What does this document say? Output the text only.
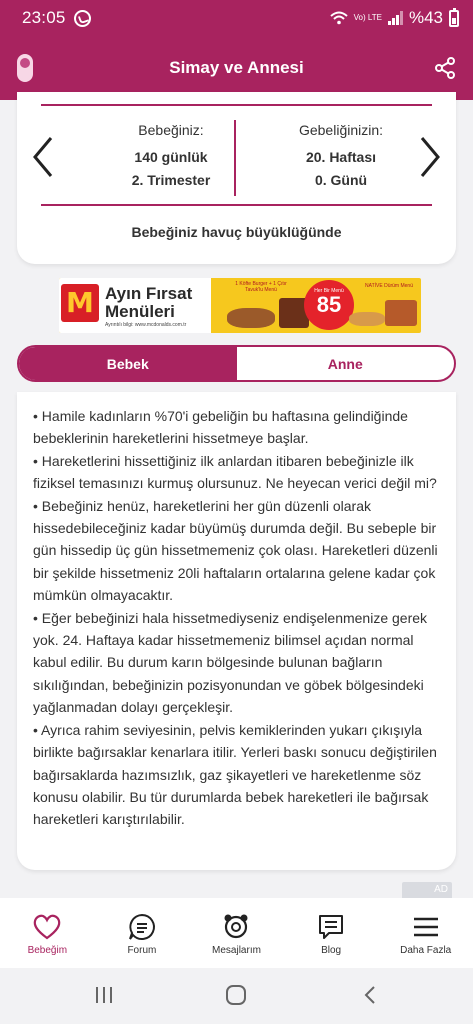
23:05	Vo) LTE %43
Simay ve Annesi
Bebeğiniz:
140 günlük
2. Trimester
Gebeliğinizin:
20. Haftası
0. Günü
Bebeğiniz havuç büyüklüğünde
M Ayın Fırsat
Menüleri
Ayrıntılı bilgi: www.mcdonalds.com.tr
1 Köfte Burger + 1 Çıtır Tavuk'lu Menü	Her Bir Menü
85
NATİVE Dürüm Menü
Bebek	Anne

• Hamile kadınların %70'i gebeliğin bu haftasına gelindiğinde bebeklerinin hareketlerini hissetmeye başlar.

• Hareketlerini hissettiğiniz ilk anlardan itibaren bebeğinizle ilk fiziksel temasınızı kurmuş olursunuz. Ne heyecan verici değil mi?

• Bebeğiniz henüz, hareketlerini her gün düzenli olarak hissedebileceğiniz kadar büyümüş durumda değil. Bu sebeple bir gün hissedip üç gün hissetmemeniz çok olası. Hareketleri düzenli bir şekilde hissetmeniz 20li haftaların ortalarına gelene kadar çok mümkün olmayacaktır.

• Eğer bebeğinizi hala hissetmediyseniz endişelenmenize gerek yok. 24. Haftaya kadar hissetmemeniz bilimsel açıdan normal kabul edilir. Bu durum karın bölgesinde bulunan bağların sıkılığından, bebeğinizin pozisyonundan ve göbek bölgesindeki yağlanmadan dolayı gerçekleşir.

• Ayrıca rahim seviyesinin, pelvis kemiklerinden yukarı çıkışıyla birlikte bağırsaklar kenarlara itilir. Yerleri baskı sonucu değiştirilen bağırsaklarda hazımsızlık, gaz şikayetleri ve hareketlenme söz konusu olabilir. Bu tür durumlarda bebek hareketleri ile bağırsak hareketleri karıştırılabilir.

AD
Bebeğim	Forum	Mesajlarım	Blog	Daha Fazla
